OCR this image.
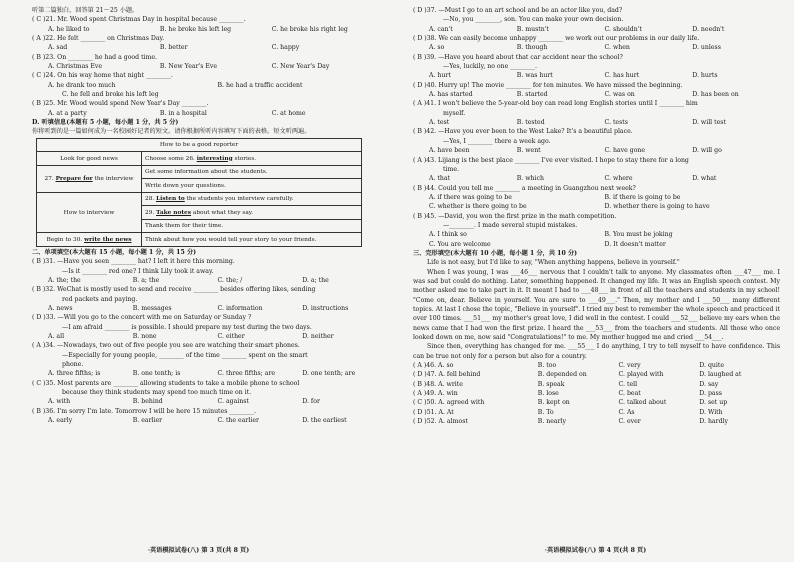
听第二篇独白，回答第 21～25 小题。
( C )21. Mr. Wood spent Christmas Day in hospital because ________.
A. he liked to	B. he broke his left leg	C. he broke his right leg
( A )22. He felt ________ on Christmas Day.
A. sad	B. better	C. happy
( B )23. On ________ he had a good time.
A. Christmas Eve	B. New Year's Eve	C. New Year's Day
( C )24. On his way home that night ________.
A. he drank too much	B. he had a traffic accident
C. he fell and broke his left leg
( B )25. Mr. Wood would spend New Year's Day ________.
A. at a party	B. in a hospital	C. at home
D. 听填信息(本题有 5 小题，每小题 1 分，共 5 分)
你将听到的是一篇如何成为一名校园好记者的短文。请你根据所听内容填写下面的表格。短文听两遍。
How to be a good reporter	
Look for good news	Choose some 26. interesting stories.
27. Prepare for the interview	Get some information about the students.
	Write down your questions.
How to interview	28. Listen to the students you interview carefully.
	29. Take notes about what they say.
	Thank them for their time.
Begin to 30. write the news	Think about how you would tell your story to your friends.
二、单项填空(本大题有 15 小题，每小题 1 分，共 15 分)
( B )31. —Have you seen ________ hat? I left it here this morning.
—Is it ________ red one? I think Lily took it away.
A. the; the	B. a; the	C. the; /	D. a; the
( B )32. WeChat is mostly used to send and receive ________ besides offering likes, sending
red packets and paying.
A. news	B. messages	C. information	D. instructions
( D )33. —Will you go to the concert with me on Saturday or Sunday ?
—I am afraid ________ is possible. I should prepare my test during the two days.
A. all	B. none	C. either	D. neither
( A )34. —Nowadays, two out of five people you see are watching their smart phones.
—Especially for young people, ________ of the time ________ spent on the smart
phone.
A. three fifths; is	B. one tenth; is	C. three fifths; are	D. one tenth; are
( C )35. Most parents are ________ allowing students to take a mobile phone to school
because they think students may spend too much time on it.
A. with	B. behind	C. against	D. for
( B )36. I'm sorry I'm late. Tomorrow I will be here 15 minutes ________.
A. early	B. earlier	C. the earlier	D. the earliest
·英语模拟试卷(八) 第 3 页(共 8 页)
( D )37. —Must I go to an art school and be an actor like you, dad?
—No, you ________, son. You can make your own decision.
A. can't	B. mustn't	C. shouldn't	D. needn't
( D )38. We can easily become unhappy ________ we work out our problems in our daily life.
A. so	B. though	C. when	D. unless
( B )39. —Have you heard about that car accident near the school?
—Yes, luckily, no one ________.
A. hurt	B. was hurt	C. has hurt	D. hurts
( D )40. Hurry up! The movie ________ for ten minutes. We have missed the beginning.
A. has started	B. started	C. was on	D. has been on
( A )41. I won't believe the 5-year-old boy can read long English stories until I ________ him
myself.
A. test	B. tested	C. tests	D. will test
( B )42. —Have you ever been to the West Lake? It's a beautiful place.
—Yes, I ________ there a week ago.
A. have been	B. went	C. have gone	D. will go
( A )43. Lijiang is the best place ________ I've ever visited. I hope to stay there for a long
time.
A. that	B. which	C. where	D. what
( B )44. Could you tell me ________ a meeting in Guangzhou next week?
A. if there was going to be	B. if there is going to be
C. whether is there going to be	D. whether there is going to have
( B )45. —David, you won the first prize in the math competition.
—________. I made several stupid mistakes.
A. I think so	B. You must be joking
C. You are welcome	D. It doesn't matter
三、完形填空(本大题有 10 小题，每小题 1 分，共 10 分)
Life is not easy, but I'd like to say, "When anything happens, believe in yourself."
When I was young, I was ___46___ nervous that I couldn't talk to anyone. My classmates often ___47___ me. I was sad but could do nothing. Later, something happened. It changed my life. It was an English speech contest. My mother asked me to take part in it. It meant I had to ___48___ in front of all the teachers and students in my school! "Come on, dear. Believe in yourself. You are sure to ___49___." Then, my mother and I ___50___ many different topics. At last I chose the topic, "Believe in yourself". I tried my best to remember the whole speech and practiced it over 100 times. ___51___ my mother's great love, I did well in the contest. I could ___52___ believe my ears when the news came that I had won the first prize. I heard the ___53___ from the teachers and students. All those who once looked down on me, now said "Congratulations!" to me. My mother hugged me and cried ___54___.
Since then, everything has changed for me. ___55___ I do anything, I try to tell myself to have confidence. This can be true not only for a person but also for a country.
( A )46. A. so	B. too	C. very	D. quite
( D )47. A. fell behind	B. depended on	C. played with	D. laughed at
( B )48. A. write	B. speak	C. tell	D. say
( A )49. A. win	B. lose	C. beat	D. pass
( C )50. A. agreed with	B. kept on	C. talked about	D. set up
( D )51. A. At	B. To	C. As	D. With
( D )52. A. almost	B. nearly	C. ever	D. hardly
·英语模拟试卷(八) 第 4 页(共 8 页)
